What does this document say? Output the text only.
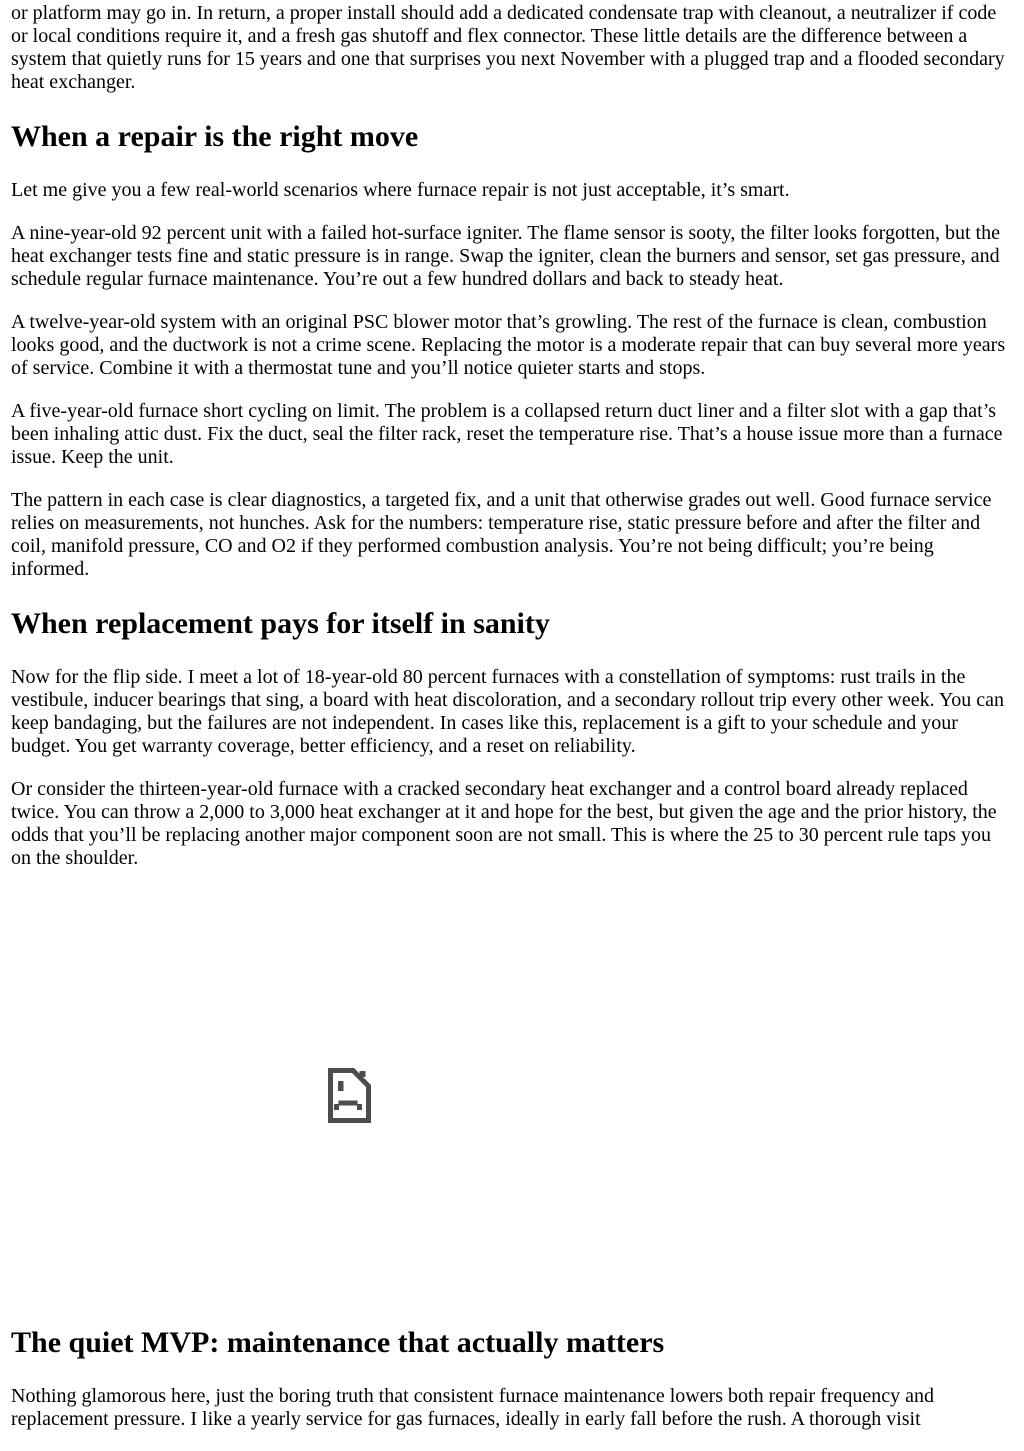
or platform may go in. In return, a proper install should add a dedicated condensate trap with cleanout, a neutralizer if code or local conditions require it, and a fresh gas shutoff and flex connector. These little details are the difference between a system that quietly runs for 15 years and one that surprises you next November with a plugged trap and a flooded secondary heat exchanger.

When a repair is the right move

Let me give you a few real-world scenarios where furnace repair is not just acceptable, it’s smart.

A nine-year-old 92 percent unit with a failed hot-surface igniter. The flame sensor is sooty, the filter looks forgotten, but the heat exchanger tests fine and static pressure is in range. Swap the igniter, clean the burners and sensor, set gas pressure, and schedule regular furnace maintenance. You’re out a few hundred dollars and back to steady heat.

A twelve-year-old system with an original PSC blower motor that’s growling. The rest of the furnace is clean, combustion looks good, and the ductwork is not a crime scene. Replacing the motor is a moderate repair that can buy several more years of service. Combine it with a thermostat tune and you’ll notice quieter starts and stops.

A five-year-old furnace short cycling on limit. The problem is a collapsed return duct liner and a filter slot with a gap that’s been inhaling attic dust. Fix the duct, seal the filter rack, reset the temperature rise. That’s a house issue more than a furnace issue. Keep the unit.

The pattern in each case is clear diagnostics, a targeted fix, and a unit that otherwise grades out well. Good furnace service relies on measurements, not hunches. Ask for the numbers: temperature rise, static pressure before and after the filter and coil, manifold pressure, CO and O2 if they performed combustion analysis. You’re not being difficult; you’re being informed.

When replacement pays for itself in sanity

Now for the flip side. I meet a lot of 18-year-old 80 percent furnaces with a constellation of symptoms: rust trails in the vestibule, inducer bearings that sing, a board with heat discoloration, and a secondary rollout trip every other week. You can keep bandaging, but the failures are not independent. In cases like this, replacement is a gift to your schedule and your budget. You get warranty coverage, better efficiency, and a reset on reliability.

Or consider the thirteen-year-old furnace with a cracked secondary heat exchanger and a control board already replaced twice. You can throw a 2,000 to 3,000 heat exchanger at it and hope for the best, but given the age and the prior history, the odds that you’ll be replacing another major component soon are not small. This is where the 25 to 30 percent rule taps you on the shoulder.

The quiet MVP: maintenance that actually matters

Nothing glamorous here, just the boring truth that consistent furnace maintenance lowers both repair frequency and replacement pressure. I like a yearly service for gas furnaces, ideally in early fall before the rush. A thorough visit
